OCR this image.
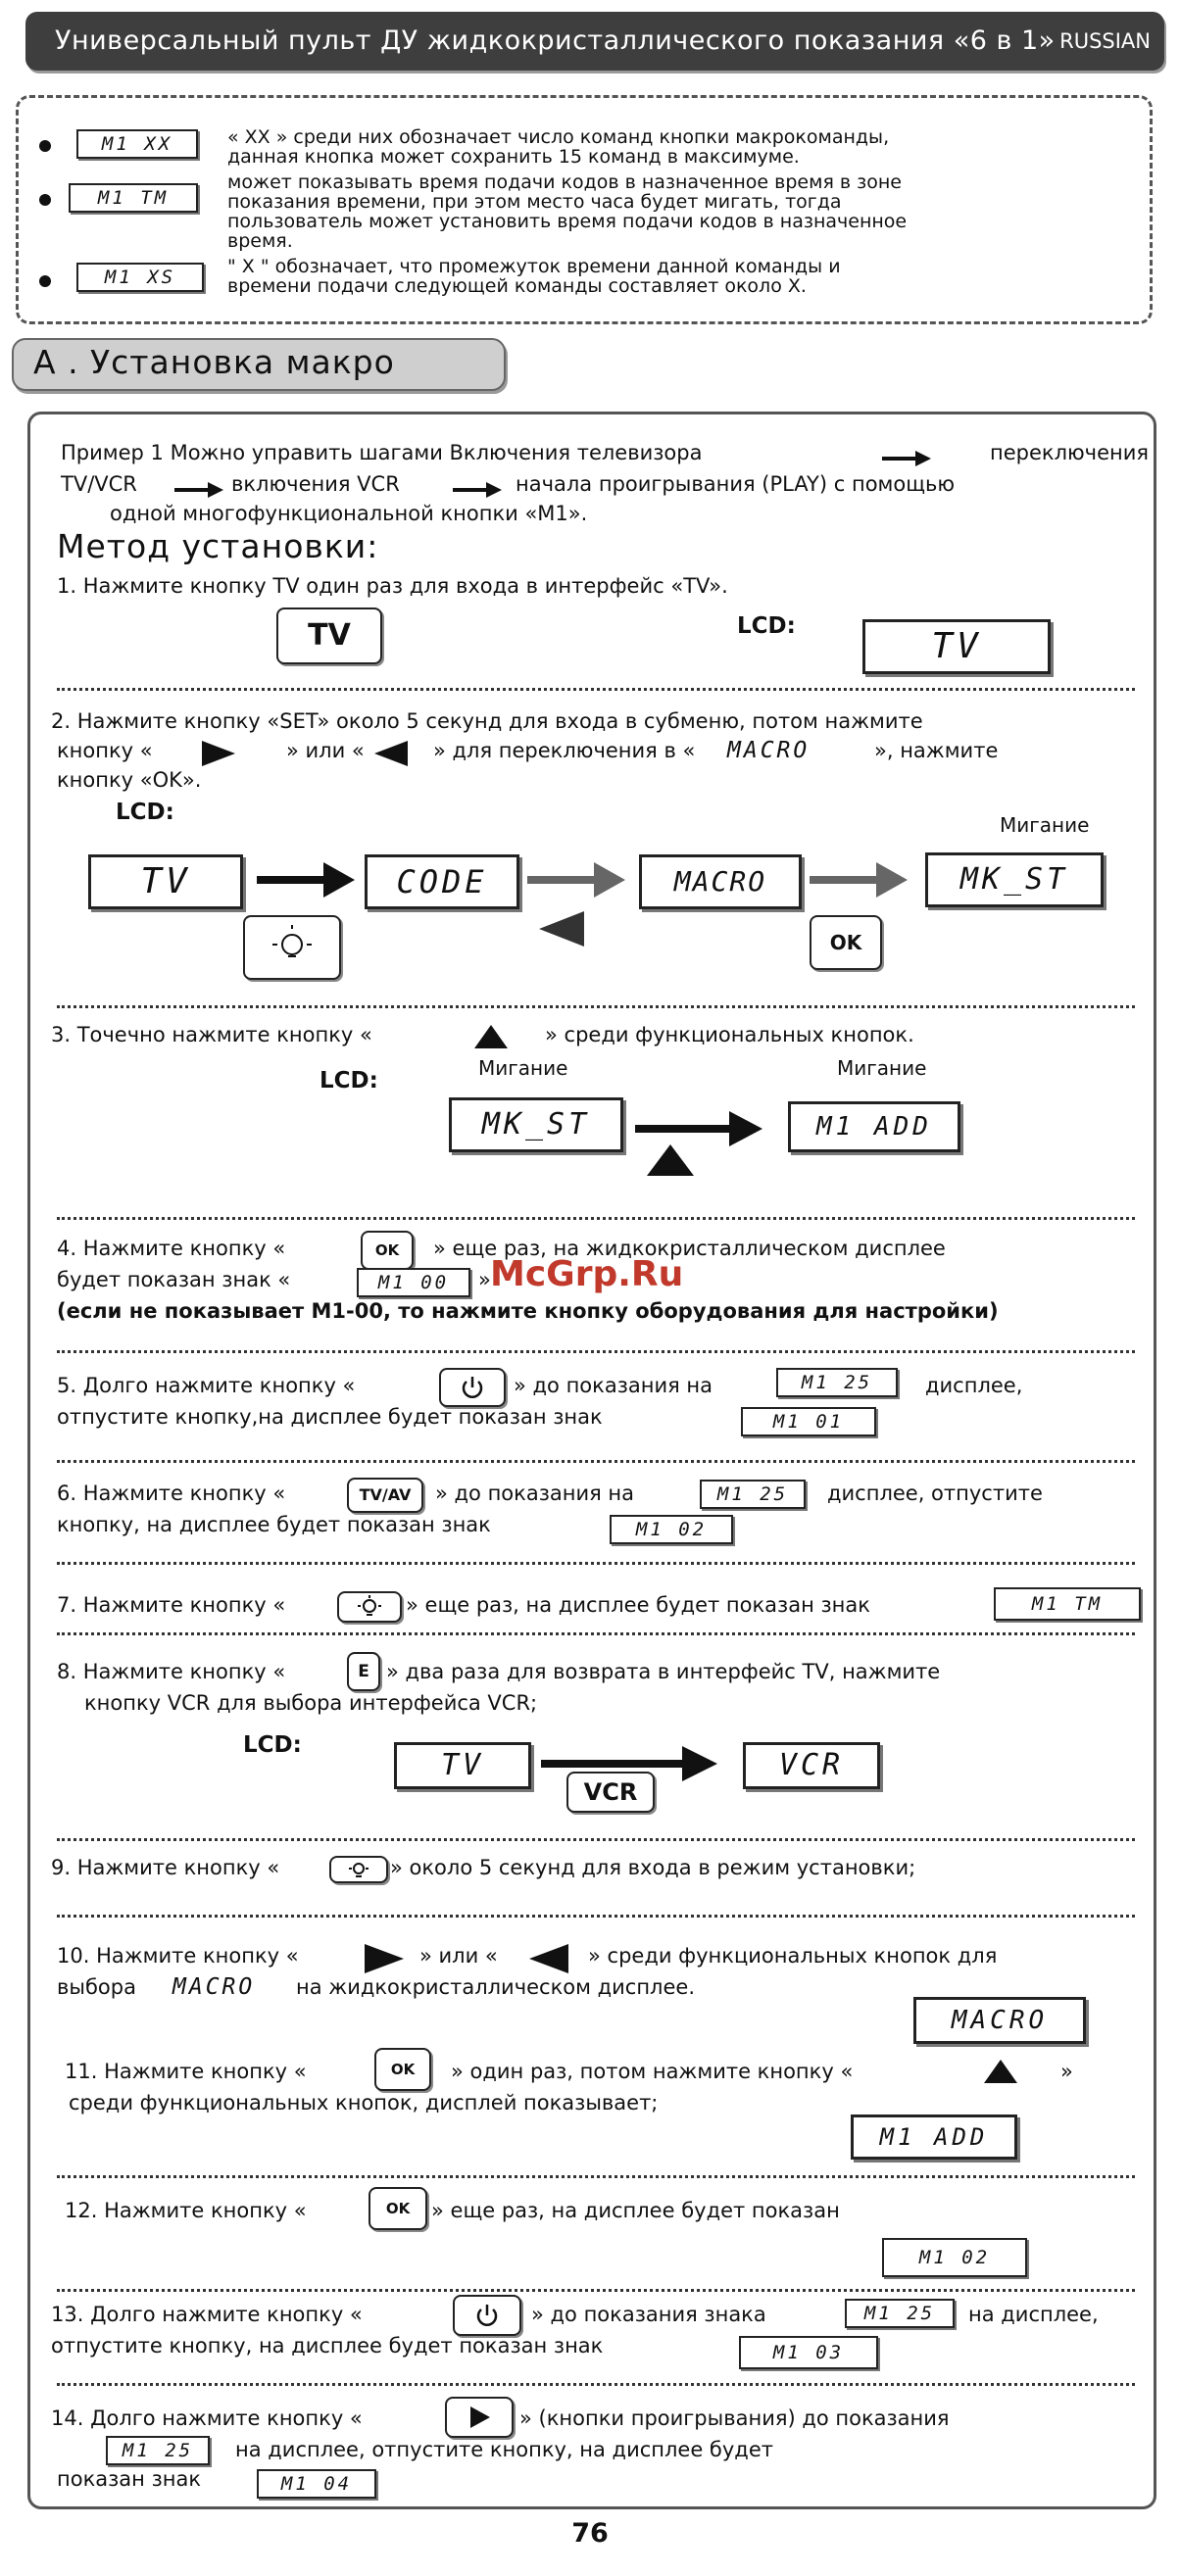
Универсальный пульт ДУ жидкокристаллического показания «6 в 1» RUSSIAN
M1 XX	« XX » среди них обозначает число команд кнопки макрокоманды,
данная кнопка может сохранить 15 команд в максимуме.
M1 TM
может показывать время подачи кодов в назначенное время в зоне
показания времени, при этом место часа будет мигать, тогда
пользователь может установить время подачи кодов в назначенное
время.
M1 XS	" X " обозначает, что промежуток времени данной команды и
времени подачи следующей команды составляет около X.
A . Установка макро
Пример 1 Можно управить шагами Включения телевизора	переключения
TV/VCR	включения VCR	начала проигрывания (PLAY) с помощью
одной многофункциональной кнопки «M1».
Метод установки:
1. Нажмите кнопку TV один раз для входа в интерфейс «TV».
TV	LCD:	TV
2. Нажмите кнопку «SET» около 5 секунд для входа в субменю, потом нажмите
кнопку «	» или «	» для переключения в « MACRO	», нажмите
кнопку «OK».
LCD:	Мигание
TV	CODE	MACRO	MK_ST
OK
3. Точечно нажмите кнопку «	» среди функциональных кнопок.
LCD:	Мигание	Мигание
MK_ST	M1 ADD
4. Нажмите кнопку «	OK	» еще раз, на жидкокристаллическом дисплее
будет показан знак «	M1 00	» McGrp.Ru
(если не показывает M1-00, то нажмите кнопку оборудования для настройки)
5. Долго нажмите кнопку «	» до показания на	M1 25	дисплее,
отпустите кнопку,на дисплее будет показан знак	M1 01
6. Нажмите кнопку «	TV/AV	» до показания на	M1 25	дисплее, отпустите
кнопку, на дисплее будет показан знак	M1 02
7. Нажмите кнопку «	» еще раз, на дисплее будет показан знак	M1 TM
8. Нажмите кнопку «	E » два раза для возврата в интерфейс TV, нажмите
кнопку VCR для выбора интерфейса VCR;
LCD:
TV	VCR
VCR
9. Нажмите кнопку «	» около 5 секунд для входа в режим установки;
10. Нажмите кнопку «	» или «	» среди функциональных кнопок для
выбора MACRO на жидкокристаллическом дисплее.
MACRO
11. Нажмите кнопку «	OK	» один раз, потом нажмите кнопку «	»
среди функциональных кнопок, дисплей показывает;
M1 ADD
12. Нажмите кнопку «	OK	» еще раз, на дисплее будет показан
M1 02
13. Долго нажмите кнопку «	» до показания знака	M1 25	на дисплее,
отпустите кнопку, на дисплее будет показан знак	M1 03
14. Долго нажмите кнопку «	» (кнопки проигрывания) до показания
M1 25	на дисплее, отпустите кнопку, на дисплее будет
показан знак	M1 04
76
